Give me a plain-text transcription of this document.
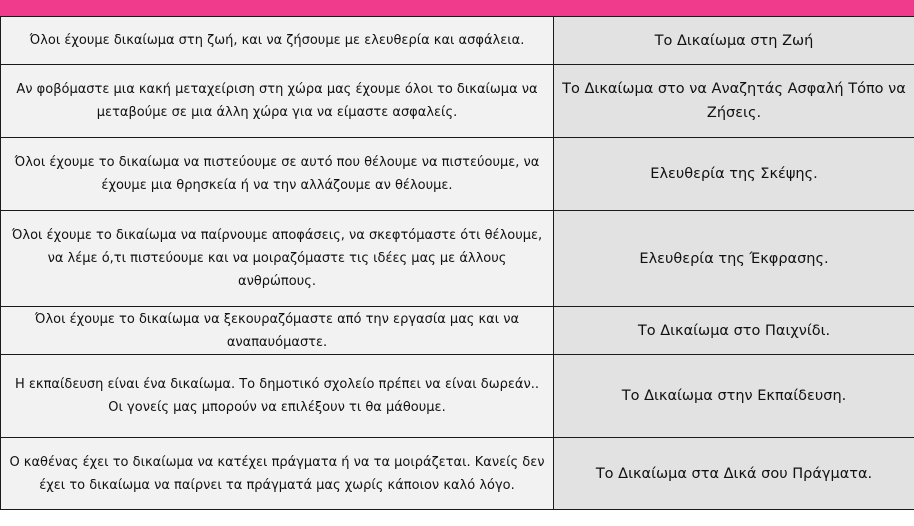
Όλοι έχουμε δικαίωμα στη ζωή, και να ζήσουμε με ελευθερία και ασφάλεια.	Το Δικαίωμα στη Ζωή
Αν φοβόμαστε μια κακή μεταχείριση στη χώρα μας έχουμε όλοι το δικαίωμα να μεταβούμε σε μια άλλη χώρα για να είμαστε ασφαλείς.	Το Δικαίωμα στο να Αναζητάς Ασφαλή Τόπο να Ζήσεις.
Όλοι έχουμε το δικαίωμα να πιστεύουμε σε αυτό που θέλουμε να πιστεύουμε, να έχουμε μια θρησκεία ή να την αλλάζουμε αν θέλουμε.	Ελευθερία της Σκέψης.
Όλοι έχουμε το δικαίωμα να παίρνουμε αποφάσεις, να σκεφτόμαστε ότι θέλουμε, να λέμε ό,τι πιστεύουμε και να μοιραζόμαστε τις ιδέες μας με άλλους ανθρώπους.	Ελευθερία της Έκφρασης.
Όλοι έχουμε το δικαίωμα να ξεκουραζόμαστε από την εργασία μας και να αναπαυόμαστε.	Το Δικαίωμα στο Παιχνίδι.
Η εκπαίδευση είναι ένα δικαίωμα. Το δημοτικό σχολείο πρέπει να είναι δωρεάν.. Οι γονείς μας μπορούν να επιλέξουν τι θα μάθουμε.	Το Δικαίωμα στην Εκπαίδευση.
Ο καθένας έχει το δικαίωμα να κατέχει πράγματα ή να τα μοιράζεται. Κανείς δεν έχει το δικαίωμα να παίρνει τα πράγματά μας χωρίς κάποιον καλό λόγο.	Το Δικαίωμα στα Δικά σου Πράγματα.
